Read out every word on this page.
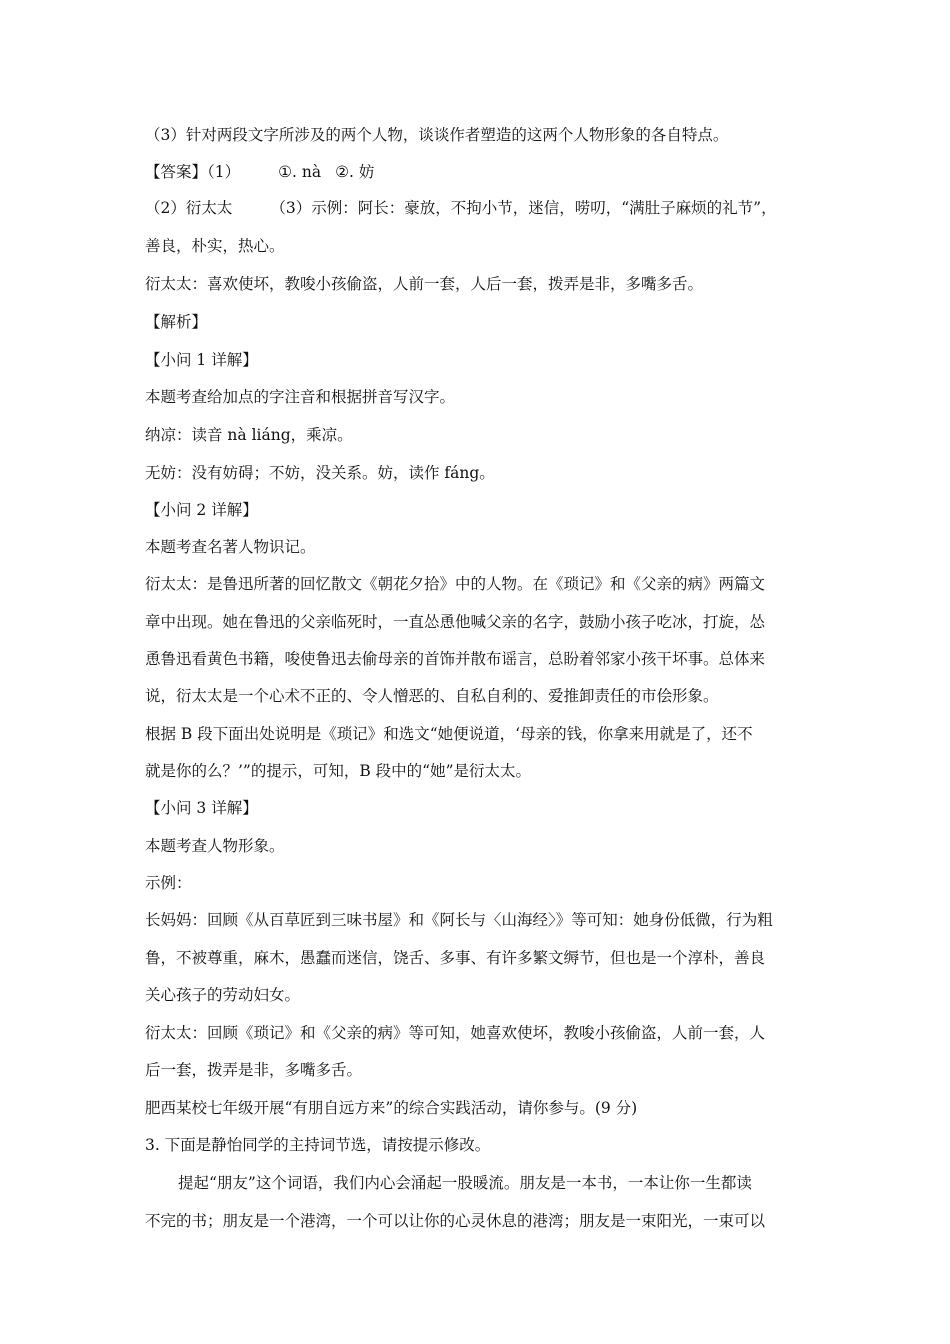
（3）针对两段文字所涉及的两个人物，谈谈作者塑造的这两个人物形象的各自特点。
【答案】（1） ①. nà ②. 妨
（2）衍太太 （3）示例：阿长：豪放，不拘小节，迷信，唠叨，“满肚子麻烦的礼节”，
善良，朴实，热心。
衍太太：喜欢使坏，教唆小孩偷盗，人前一套，人后一套，拨弄是非，多嘴多舌。
【解析】
【小问 1 详解】
本题考查给加点的字注音和根据拼音写汉字。
纳凉：读音 nà liáng，乘凉。
无妨：没有妨碍；不妨，没关系。妨，读作 fáng。
【小问 2 详解】
本题考查名著人物识记。
衍太太：是鲁迅所著的回忆散文《朝花夕拾》中的人物。在《琐记》和《父亲的病》两篇文
章中出现。她在鲁迅的父亲临死时，一直怂恿他喊父亲的名字，鼓励小孩子吃冰，打旋，怂
恿鲁迅看黄色书籍，唆使鲁迅去偷母亲的首饰并散布谣言，总盼着邻家小孩干坏事。总体来
说，衍太太是一个心术不正的、令人憎恶的、自私自利的、爱推卸责任的市侩形象。
根据 B 段下面出处说明是《琐记》和选文“她便说道，‘母亲的钱，你拿来用就是了，还不
就是你的么？’”的提示，可知，B 段中的“她”是衍太太。
【小问 3 详解】
本题考查人物形象。
示例：
长妈妈：回顾《从百草匠到三味书屋》和《阿长与〈山海经〉》等可知：她身份低微，行为粗
鲁，不被尊重，麻木，愚蠢而迷信，饶舌、多事、有许多繁文缛节，但也是一个淳朴，善良
关心孩子的劳动妇女。
衍太太：回顾《琐记》和《父亲的病》等可知，她喜欢使坏，教唆小孩偷盗，人前一套，人
后一套，拨弄是非，多嘴多舌。
肥西某校七年级开展“有朋自远方来”的综合实践活动，请你参与。(9 分)
3. 下面是静怡同学的主持词节选，请按提示修改。
提起“朋友”这个词语，我们内心会涌起一股暖流。朋友是一本书，一本让你一生都读
不完的书；朋友是一个港湾，一个可以让你的心灵休息的港湾；朋友是一束阳光，一束可以
